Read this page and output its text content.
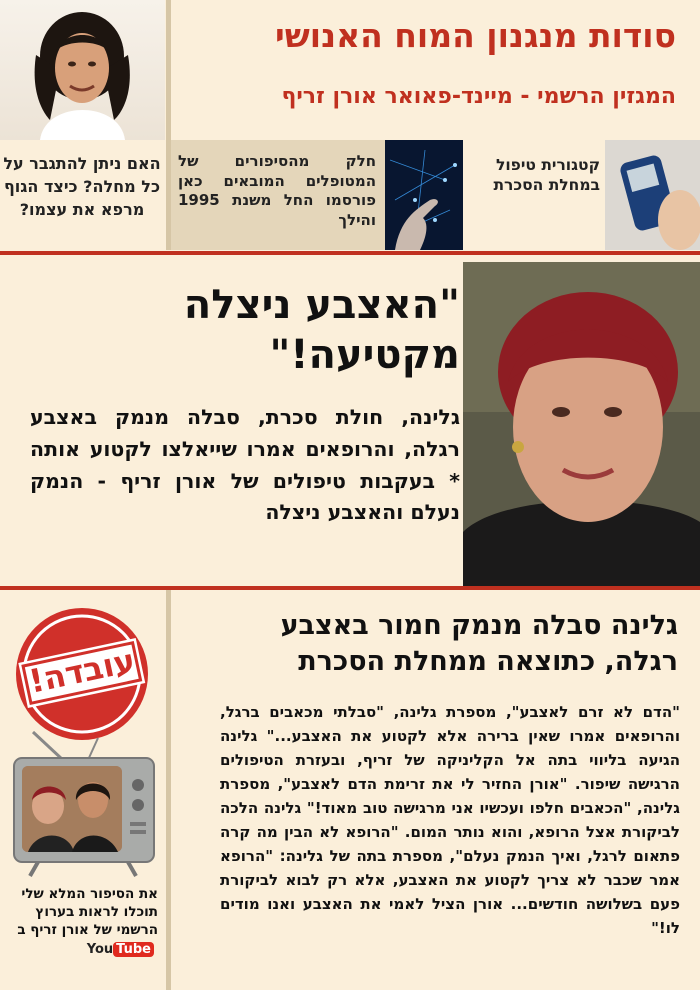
סודות מנגנון המוח האנושי
המגזין הרשמי - מיינד-פאואר אורן זריף
קטגורית טיפול במחלת הסכרת
חלק מהסיפורים של המטופלים המובאים כאן פורסמו החל משנת 1995 והילך
האם ניתן להתגבר על כל מחלה? כיצד הגוף מרפא את עצמו?
"האצבע ניצלה
מקטיעה!"
גלינה, חולת סכרת, סבלה מנמק באצבע רגלה, והרופאים אמרו שייאלצו לקטוע אותה * בעקבות טיפולים של אורן זריף - הנמק נעלם והאצבע ניצלה
גלינה סבלה מנמק חמור באצבע
רגלה, כתוצאה ממחלת הסכרת
"הדם לא זרם לאצבע", מספרת גלינה, "סבלתי מכאבים ברגל, והרופאים אמרו שאין ברירה אלא לקטוע את האצבע..." גלינה הגיעה בליווי בתה אל הקליניקה של זריף, ובעזרת הטיפולים הרגישה שיפור. "אורן החזיר לי את זרימת הדם לאצבע", מספרת גלינה, "הכאבים חלפו ועכשיו אני מרגישה טוב מאוד!" גלינה הלכה לביקורת אצל הרופא, והוא נותר המום. "הרופא לא הבין מה קרה פתאום לרגל, ואיך הנמק נעלם", מספרת בתה של גלינה: "הרופא אמר שכבר לא צריך לקטוע את האצבע, אלא רק לבוא לביקורת פעם בשלושה חודשים... אורן הציל לאמי את האצבע ואנו מודים לו!"
עובדה!
את הסיפור המלא שלי תוכלו לראות בערוץ הרשמי של אורן זריף ב You Tube
